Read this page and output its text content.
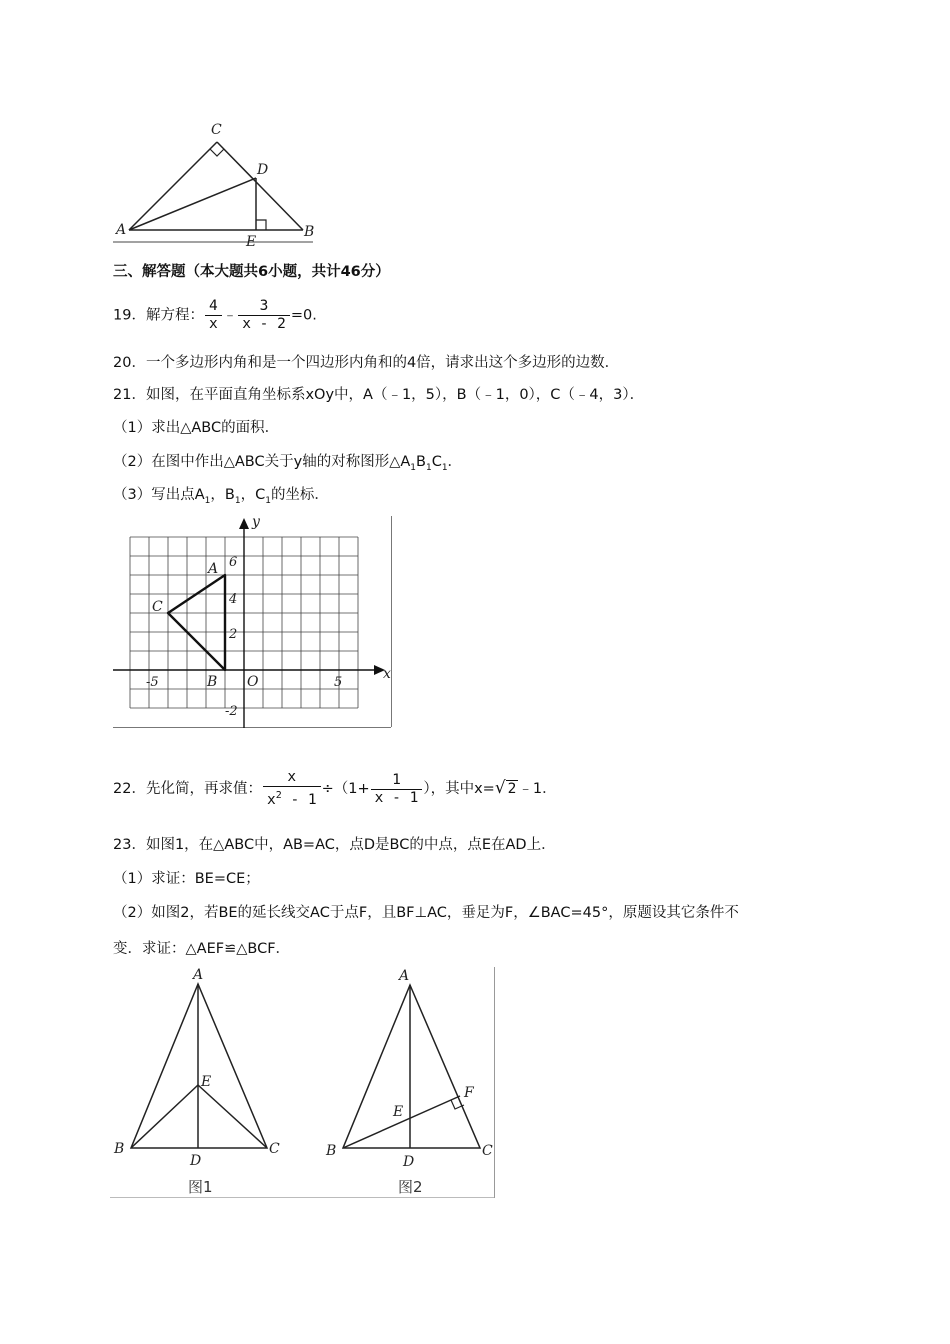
C
D
A
E
B
三、解答题（本大题共6小题，共计46分）
19．解方程： $\frac{4}{x}$ ﹣ $\frac{3}{x - 2} =0$.
20．一个多边形内角和是一个四边形内角和的4倍，请求出这个多边形的边数．
21．如图，在平面直角坐标系xOy中，A（﹣1，5），B（﹣1，0），C（﹣4，3）．
（1）求出△ABC的面积．
（2）在图中作出△ABC关于y轴的对称图形$\triangle A_1B_1C_1$．
（3）写出点$A_1$，$B_1$，$C_1$的坐标．
y
x
A
C
B O
6
4
2
-2
-5	5
22．先化简，再求值： $\frac{x}{x^2 - 1} \div(1+ \frac{1}{x - 1}$ ），其中x=√ 2 ﹣1．
23．如图1，在△ABC中，AB=AC，点D是BC的中点，点E在AD上．
（1）求证：BE=CE；
（2）如图2，若BE的延长线交AC于点F，且BF⊥AC，垂足为F，∠BAC=45°，原题设其它条件不
变．求证：△AEF≌△BCF．
A
E
B
D
C
图1
A
F
E
B
D
C
图2
